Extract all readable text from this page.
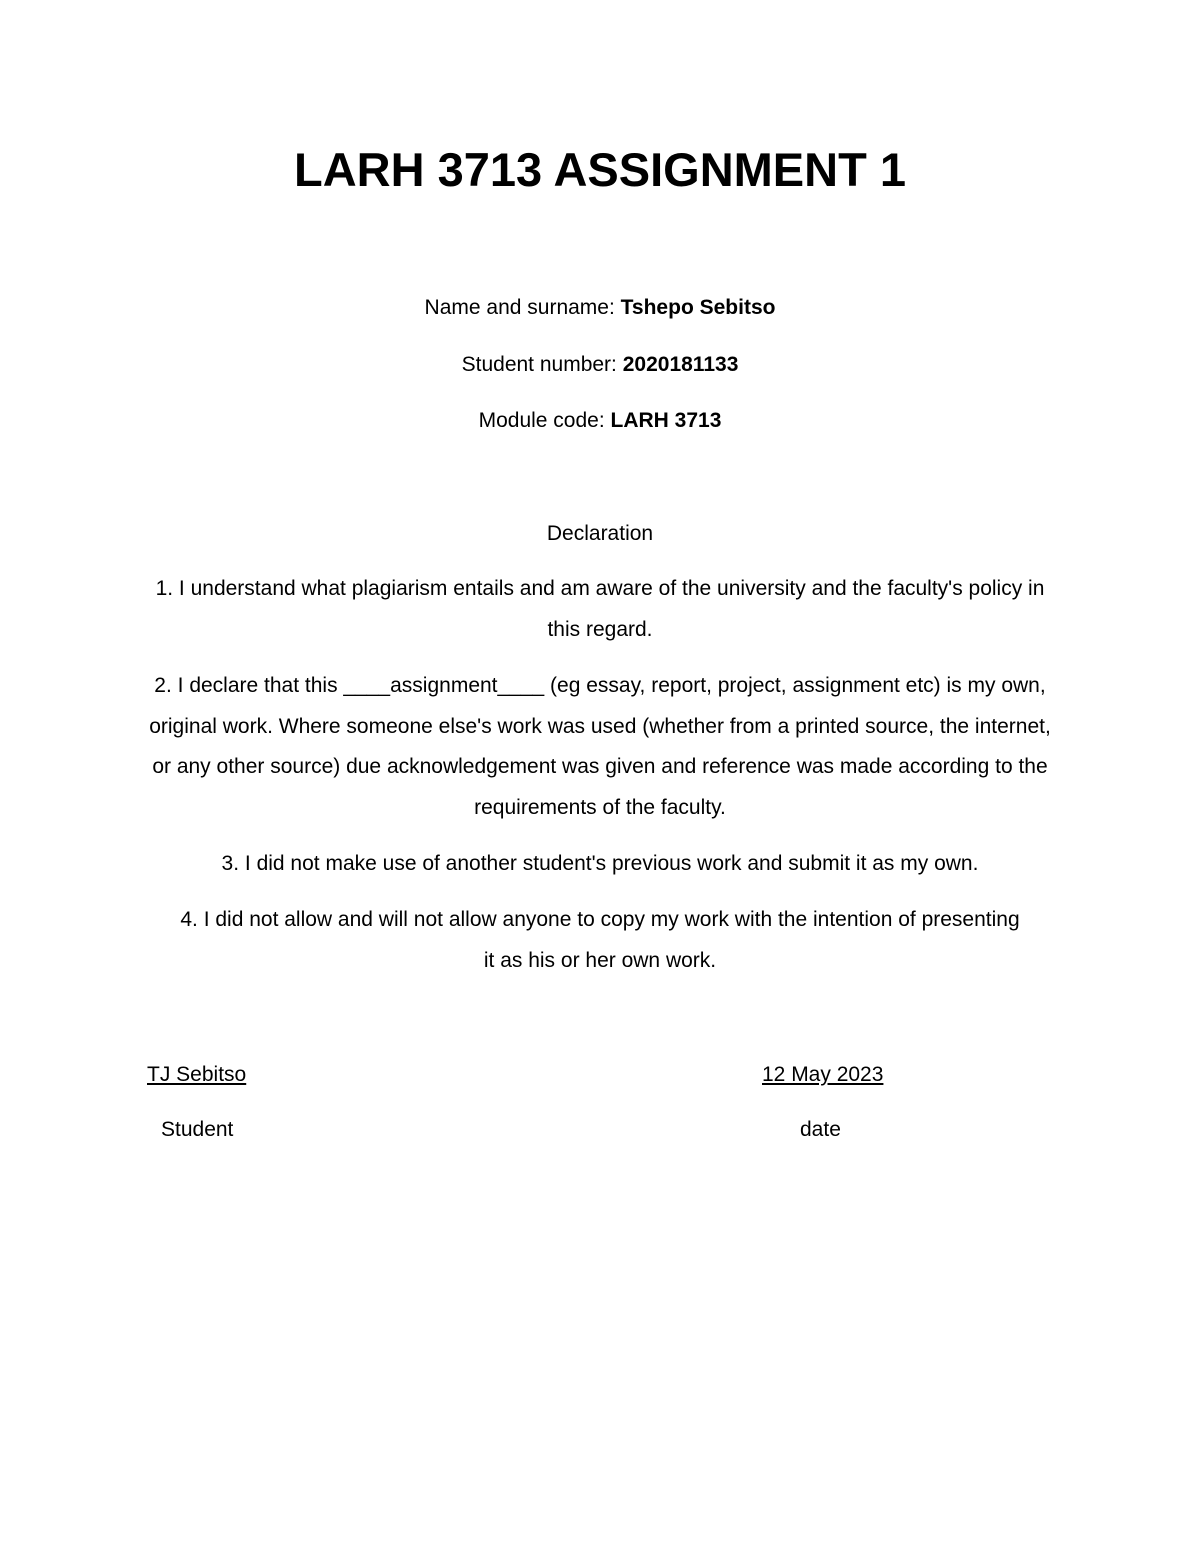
LARH 3713 ASSIGNMENT 1

Name and surname: Tshepo Sebitso

Student number: 2020181133

Module code: LARH 3713

Declaration

1. I understand what plagiarism entails and am aware of the university and the faculty's policy in this regard.

2. I declare that this ____assignment____ (eg essay, report, project, assignment etc) is my own, original work. Where someone else's work was used (whether from a printed source, the internet, or any other source) due acknowledgement was given and reference was made according to the requirements of the faculty.

3. I did not make use of another student's previous work and submit it as my own.

4. I did not allow and will not allow anyone to copy my work with the intention of presenting it as his or her own work.

TJ Sebitso

Student

12 May 2023

date
